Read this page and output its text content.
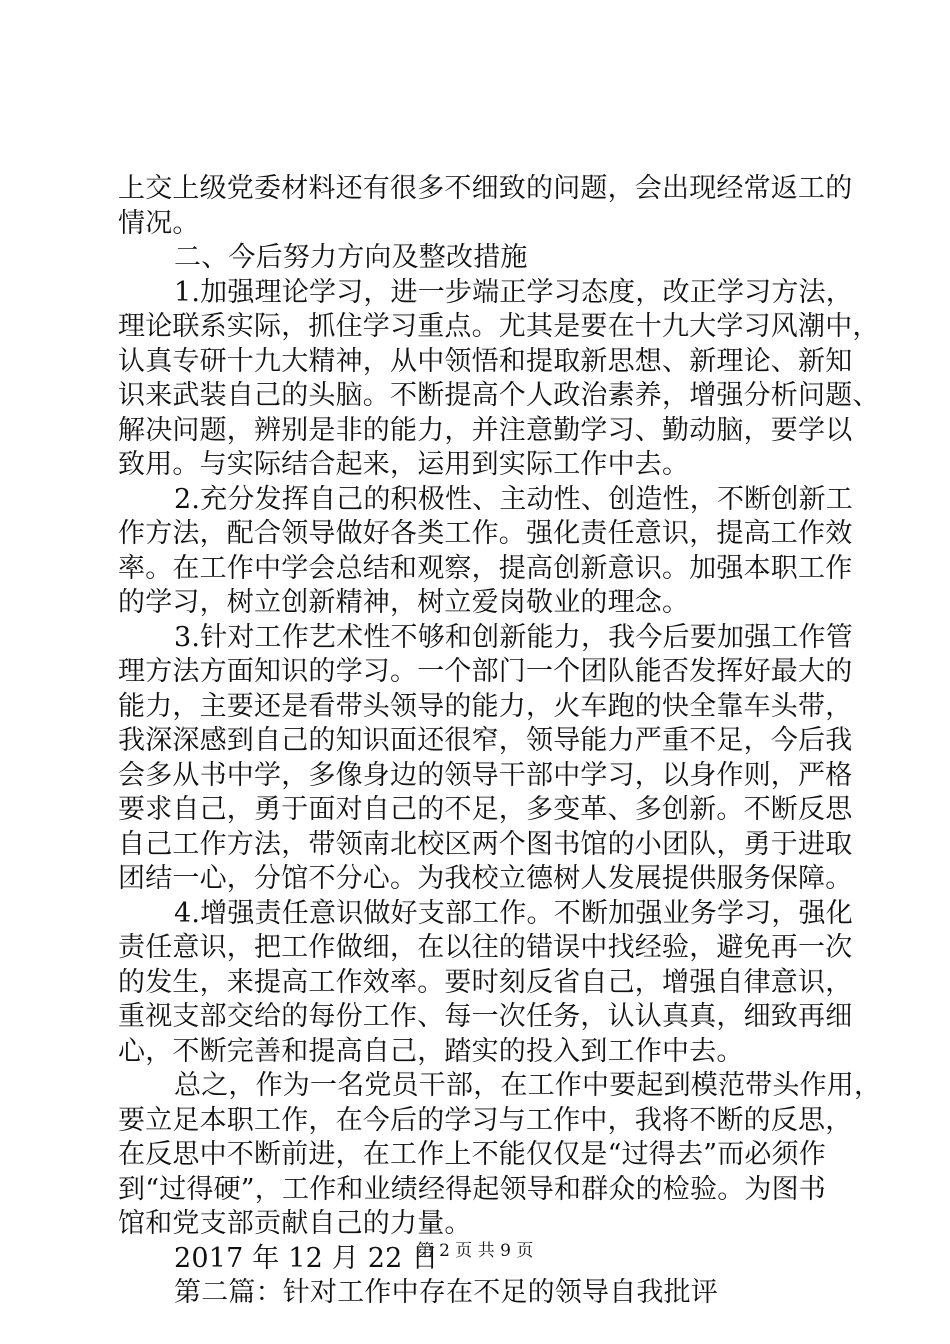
上交上级党委材料还有很多不细致的问题，会出现经常返工的
情况。
二、今后努力方向及整改措施
1.加强理论学习，进一步端正学习态度，改正学习方法，
理论联系实际，抓住学习重点。尤其是要在十九大学习风潮中，
认真专研十九大精神，从中领悟和提取新思想、新理论、新知
识来武装自己的头脑。不断提高个人政治素养，增强分析问题、
解决问题，辨别是非的能力，并注意勤学习、勤动脑，要学以
致用。与实际结合起来，运用到实际工作中去。
2.充分发挥自己的积极性、主动性、创造性，不断创新工
作方法，配合领导做好各类工作。强化责任意识，提高工作效
率。在工作中学会总结和观察，提高创新意识。加强本职工作
的学习，树立创新精神，树立爱岗敬业的理念。
3.针对工作艺术性不够和创新能力，我今后要加强工作管
理方法方面知识的学习。一个部门一个团队能否发挥好最大的
能力，主要还是看带头领导的能力，火车跑的快全靠车头带，
我深深感到自己的知识面还很窄，领导能力严重不足，今后我
会多从书中学，多像身边的领导干部中学习，以身作则，严格
要求自己，勇于面对自己的不足，多变革、多创新。不断反思
自己工作方法，带领南北校区两个图书馆的小团队，勇于进取
团结一心，分馆不分心。为我校立德树人发展提供服务保障。
4.增强责任意识做好支部工作。不断加强业务学习，强化
责任意识，把工作做细，在以往的错误中找经验，避免再一次
的发生，来提高工作效率。要时刻反省自己，增强自律意识，
重视支部交给的每份工作、每一次任务，认认真真，细致再细
心，不断完善和提高自己，踏实的投入到工作中去。
总之，作为一名党员干部，在工作中要起到模范带头作用，
要立足本职工作，在今后的学习与工作中，我将不断的反思，
在反思中不断前进，在工作上不能仅仅是“过得去”而必须作
到“过得硬”，工作和业绩经得起领导和群众的检验。为图书
馆和党支部贡献自己的力量。
2017 年 12 月 22 日
第二篇：针对工作中存在不足的领导自我批评
第 2 页 共 9 页
